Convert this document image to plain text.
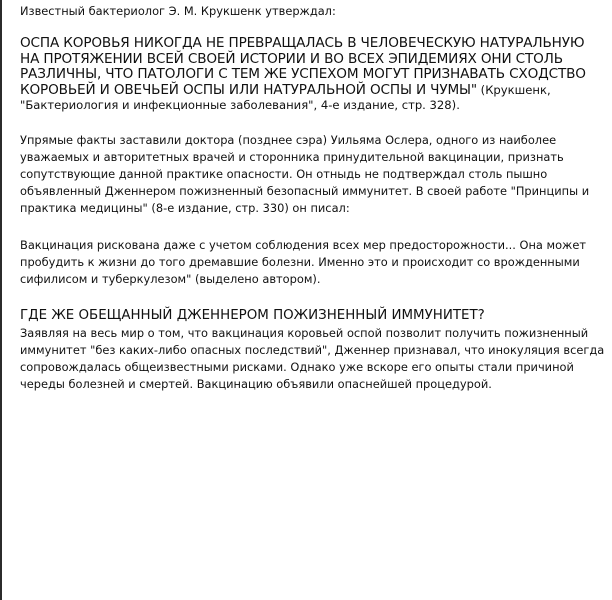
Известный бактериолог Э. М. Крукшенк утверждал:

ОСПА КОРОВЬЯ НИКОГДА НЕ ПРЕВРАЩАЛАСЬ В ЧЕЛОВЕЧЕСКУЮ НАТУРАЛЬНУЮ НА ПРОТЯЖЕНИИ ВСЕЙ СВОЕЙ ИСТОРИИ И ВО ВСЕХ ЭПИДЕМИЯХ ОНИ СТОЛЬ РАЗЛИЧНЫ, ЧТО ПАТОЛОГИ С ТЕМ ЖЕ УСПЕХОМ МОГУТ ПРИЗНАВАТЬ СХОДСТВО КОРОВЬЕЙ И ОВЕЧЬЕЙ ОСПЫ ИЛИ НАТУРАЛЬНОЙ ОСПЫ И ЧУМЫ" (Крукшенк, "Бактериология и инфекционные заболевания", 4-е издание, стр. 328).

Упрямые факты заставили доктора (позднее сэра) Уильяма Ослера, одного из наиболее уважаемых и авторитетных врачей и сторонника принудительной вакцинации, признать сопутствующие данной практике опасности. Он отныдь не подтверждал столь пышно объявленный Дженнером пожизненный безопасный иммунитет. В своей работе "Принципы и практика медицины" (8-е издание, стр. 330) он писал:

Вакцинация рискована даже с учетом соблюдения всех мер предосторожности... Она может пробудить к жизни до того дремавшие болезни. Именно это и происходит со врожденными сифилисом и туберкулезом" (выделено автором).

ГДЕ ЖЕ ОБЕЩАННЫЙ ДЖЕННЕРОМ ПОЖИЗНЕННЫЙ ИММУНИТЕТ?

Заявляя на весь мир о том, что вакцинация коровьей оспой позволит получить пожизненный иммунитет "без каких-либо опасных последствий", Дженнер признавал, что инокуляция всегда сопровождалась общеизвестными рисками. Однако уже вскоре его опыты стали причиной череды болезней и смертей. Вакцинацию объявили опаснейшей процедурой.
